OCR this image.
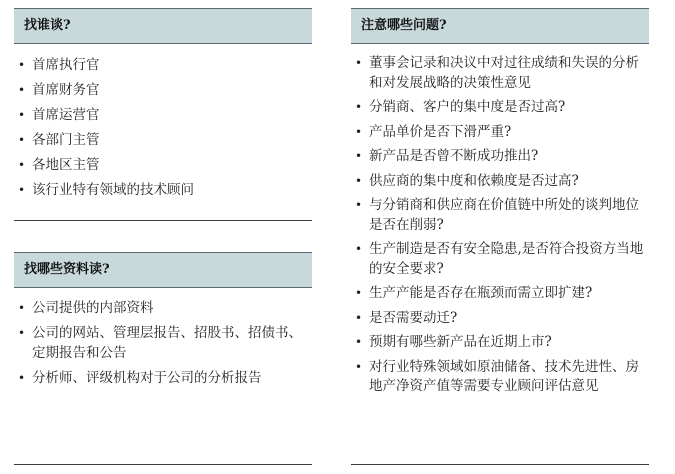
找谁谈?
• 首席执行官
• 首席财务官
• 首席运营官
• 各部门主管
• 各地区主管
• 该行业特有领域的技术顾问
找哪些资料读?
• 公司提供的内部资料
• 公司的网站、管理层报告、招股书、招债书、定期报告和公告
• 分析师、评级机构对于公司的分析报告
注意哪些问题?
• 董事会记录和决议中对过往成绩和失误的分析和对发展战略的决策性意见
• 分销商、客户的集中度是否过高?
• 产品单价是否下滑严重?
• 新产品是否曾不断成功推出?
• 供应商的集中度和依赖度是否过高?
• 与分销商和供应商在价值链中所处的谈判地位是否在削弱?
• 生产制造是否有安全隐患,是否符合投资方当地的安全要求?
• 生产产能是否存在瓶颈而需立即扩建?
• 是否需要动迁?
• 预期有哪些新产品在近期上市?
• 对行业特殊领域如原油储备、技术先进性、房地产净资产值等需要专业顾问评估意见
